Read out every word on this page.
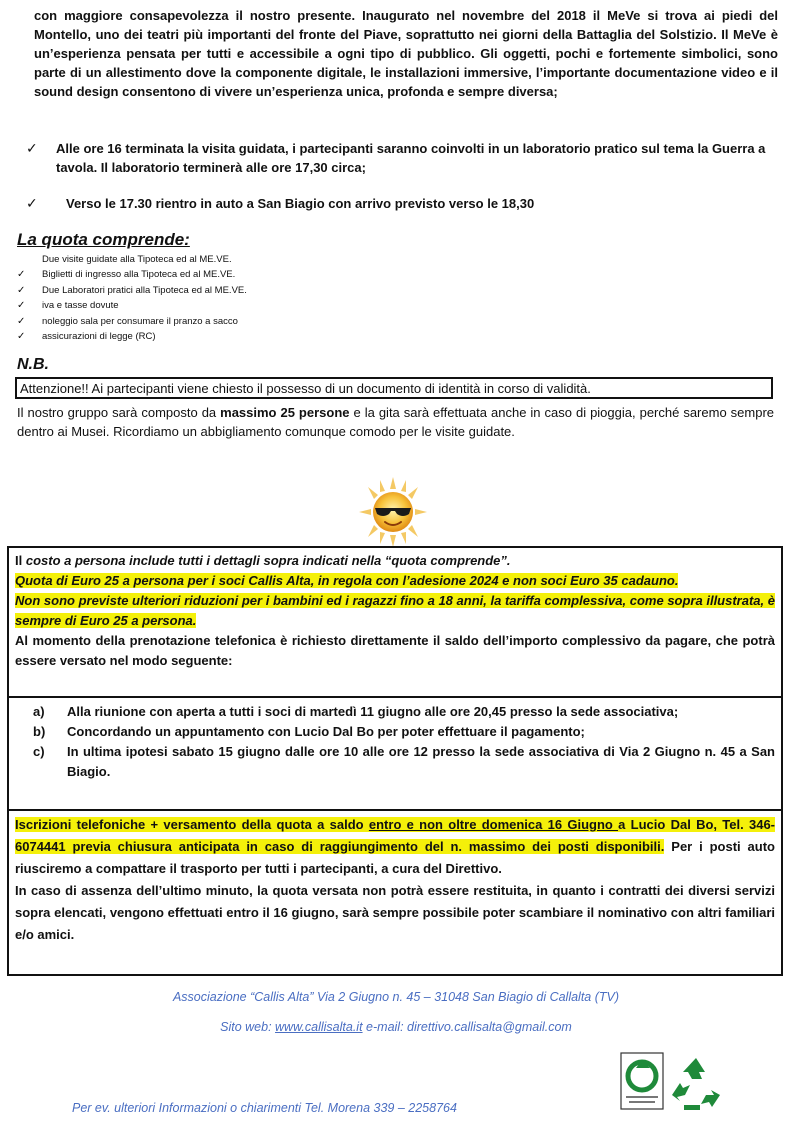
con maggiore consapevolezza il nostro presente. Inaugurato nel novembre del 2018 il MeVe si trova ai piedi del Montello, uno dei teatri più importanti del fronte del Piave, soprattutto nei giorni della Battaglia del Solstizio. Il MeVe è un’esperienza pensata per tutti e accessibile a ogni tipo di pubblico. Gli oggetti, pochi e fortemente simbolici, sono parte di un allestimento dove la componente digitale, le installazioni immersive, l’importante documentazione video e il sound design consentono di vivere un’esperienza unica, profonda e sempre diversa;

✓	Alle ore 16 terminata la visita guidata, i partecipanti saranno coinvolti in un laboratorio pratico sul tema la Guerra a tavola. Il laboratorio terminerà alle ore 17,30 circa;
✓	Verso le 17.30 rientro in auto a San Biagio con arrivo previsto verso le 18,30
La quota comprende:
Due visite guidate alla Tipoteca ed al ME.VE.
✓ Biglietti di ingresso alla Tipoteca ed al ME.VE.
✓ Due Laboratori pratici alla Tipoteca ed al ME.VE.
✓ iva e tasse dovute
✓ noleggio sala per consumare il pranzo a sacco
✓ assicurazioni di legge (RC)
N.B.
Attenzione!! Ai partecipanti viene chiesto il possesso di un documento di identità in corso di validità.

Il nostro gruppo sarà composto da massimo 25 persone e la gita sarà effettuata anche in caso di pioggia, perché saremo sempre dentro ai Musei. Ricordiamo un abbigliamento comunque comodo per le visite guidate.

Il costo a persona include tutti i dettagli sopra indicati nella “quota comprende”.
Quota di Euro 25 a persona per i soci Callis Alta, in regola con l’adesione 2024 e non soci Euro 35 cadauno.
Non sono previste ulteriori riduzioni per i bambini ed i ragazzi fino a 18 anni, la tariffa complessiva, come sopra illustrata, è sempre di Euro 25 a persona.
Al momento della prenotazione telefonica è richiesto direttamente il saldo dell’importo complessivo da pagare, che potrà essere versato nel modo seguente:
a) Alla riunione con aperta a tutti i soci di martedì 11 giugno alle ore 20,45 presso la sede associativa;
b) Concordando un appuntamento con Lucio Dal Bo per poter effettuare il pagamento;
c) In ultima ipotesi sabato 15 giugno dalle ore 10 alle ore 12 presso la sede associativa di Via 2 Giugno n. 45 a San Biagio.
Iscrizioni telefoniche + versamento della quota a saldo entro e non oltre domenica 16 Giugno a Lucio Dal Bo, Tel. 346-6074441 previa chiusura anticipata in caso di raggiungimento del n. massimo dei posti disponibili. Per i posti auto riusciremo a compattare il trasporto per tutti i partecipanti, a cura del Direttivo.
In caso di assenza dell’ultimo minuto, la quota versata non potrà essere restituita, in quanto i contratti dei diversi servizi sopra elencati, vengono effettuati entro il 16 giugno, sarà sempre possibile poter scambiare il nominativo con altri familiari e/o amici.
Associazione “Callis Alta” Via 2 Giugno n. 45 – 31048 San Biagio di Callalta (TV)
Sito web: www.callisalta.it e-mail: direttivo.callisalta@gmail.com
Per ev. ulteriori Informazioni o chiarimenti Tel. Morena 339 – 2258764
